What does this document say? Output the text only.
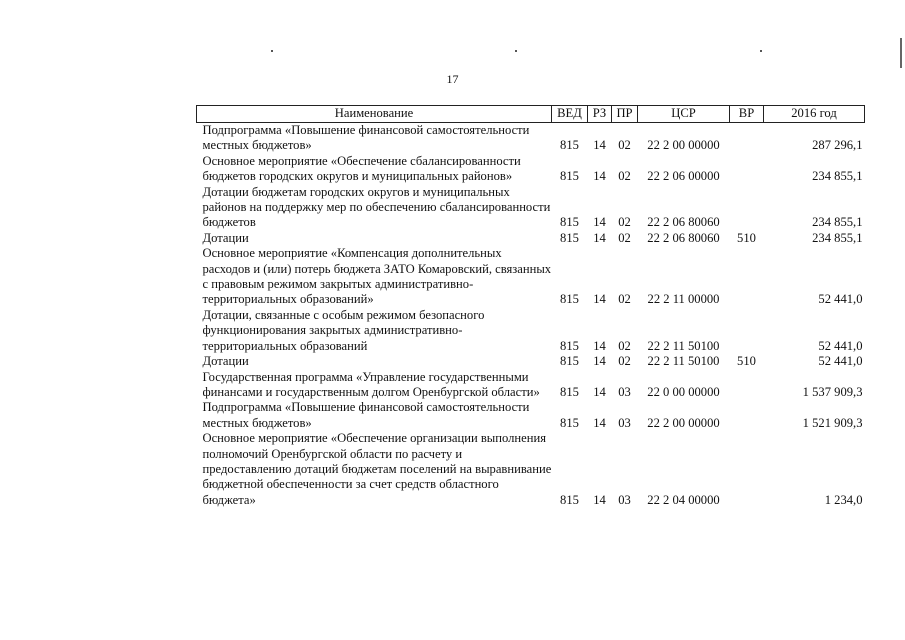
17
Наименование	ВЕД	РЗ	ПР	ЦСР	ВР	2016 год
Подпрограмма «Повышение финансовой самостоятельности местных бюджетов»	815	14	02	22 2 00 00000		287 296,1
Основное мероприятие «Обеспечение сбалансированности бюджетов городских округов и муниципальных районов»	815	14	02	22 2 06 00000		234 855,1
Дотации бюджетам городских округов и муниципальных районов на поддержку мер по обеспечению сбалансированности бюджетов	815	14	02	22 2 06 80060		234 855,1
Дотации	815	14	02	22 2 06 80060	510	234 855,1
Основное мероприятие «Компенсация дополнительных расходов и (или) потерь бюджета ЗАТО Комаровский, связанных с правовым режимом закрытых административно-территориальных образований»	815	14	02	22 2 11 00000		52 441,0
Дотации, связанные с особым режимом безопасного функционирования закрытых административно-территориальных образований	815	14	02	22 2 11 50100		52 441,0
Дотации	815	14	02	22 2 11 50100	510	52 441,0
Государственная программа «Управление государственными финансами и государственным долгом Оренбургской области»	815	14	03	22 0 00 00000		1 537 909,3
Подпрограмма «Повышение финансовой самостоятельности местных бюджетов»	815	14	03	22 2 00 00000		1 521 909,3
Основное мероприятие «Обеспечение организации выполнения полномочий Оренбургской области по расчету и предоставлению дотаций бюджетам поселений на выравнивание бюджетной обеспеченности за счет средств областного бюджета»	815	14	03	22 2 04 00000		1 234,0
